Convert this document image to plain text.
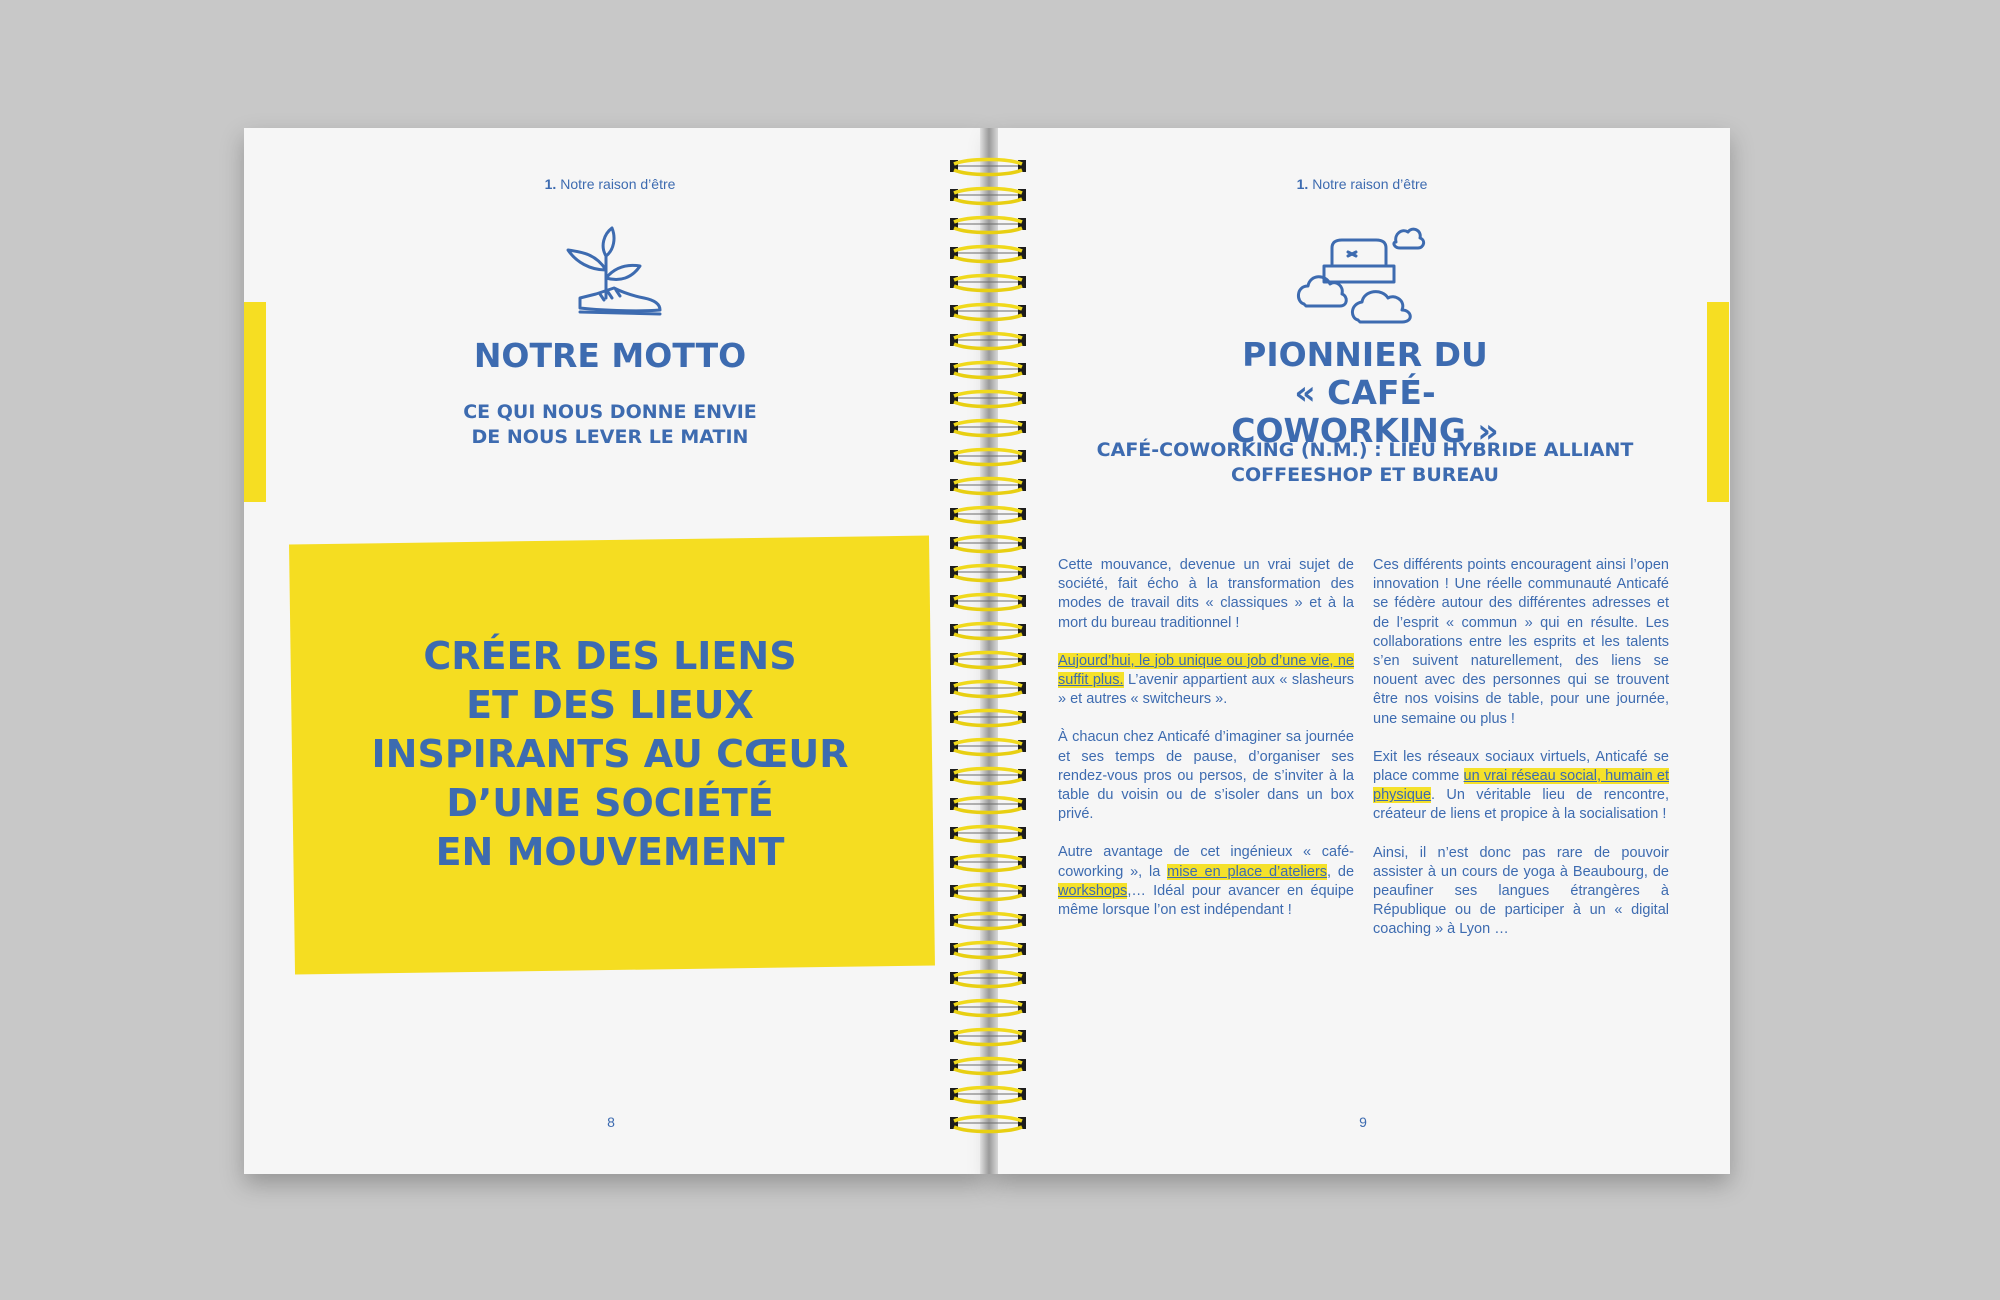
1. Notre raison d’être
NOTRE MOTTO
CE QUI NOUS DONNE ENVIE
DE NOUS LEVER LE MATIN
CRÉER DES LIENS
ET DES LIEUX
INSPIRANTS AU CŒUR
D’UNE SOCIÉTÉ
EN MOUVEMENT
8
1. Notre raison d’être
PIONNIER DU
« CAFÉ-COWORKING »
CAFÉ-COWORKING (N.M.) : LIEU HYBRIDE ALLIANT
COFFEESHOP ET BUREAU

Cette mouvance, devenue un vrai sujet de société, fait écho à la transformation des modes de travail dits « classiques » et à la mort du bureau traditionnel !

Aujourd’hui, le job unique ou job d’une vie, ne suffit plus. L’avenir appartient aux « slasheurs » et autres « switcheurs ».

À chacun chez Anticafé d’imaginer sa journée et ses temps de pause, d’organiser ses rendez-vous pros ou persos, de s’inviter à la table du voisin ou de s’isoler dans un box privé.

Autre avantage de cet ingénieux « café-coworking », la mise en place d’ateliers, de workshops,… Idéal pour avancer en équipe même lorsque l’on est indépendant !

Ces différents points encouragent ainsi l’open innovation ! Une réelle communauté Anticafé se fédère autour des différentes adresses et de l’esprit « commun » qui en résulte. Les collaborations entre les esprits et les talents s’en suivent naturellement, des liens se nouent avec des personnes qui se trouvent être nos voisins de table, pour une journée, une semaine ou plus !

Exit les réseaux sociaux virtuels, Anticafé se place comme un vrai réseau social, humain et physique. Un véritable lieu de rencontre, créateur de liens et propice à la socialisation !

Ainsi, il n’est donc pas rare de pouvoir assister à un cours de yoga à Beaubourg, de peaufiner ses langues étrangères à République ou de participer à un « digital coaching » à Lyon …

9
